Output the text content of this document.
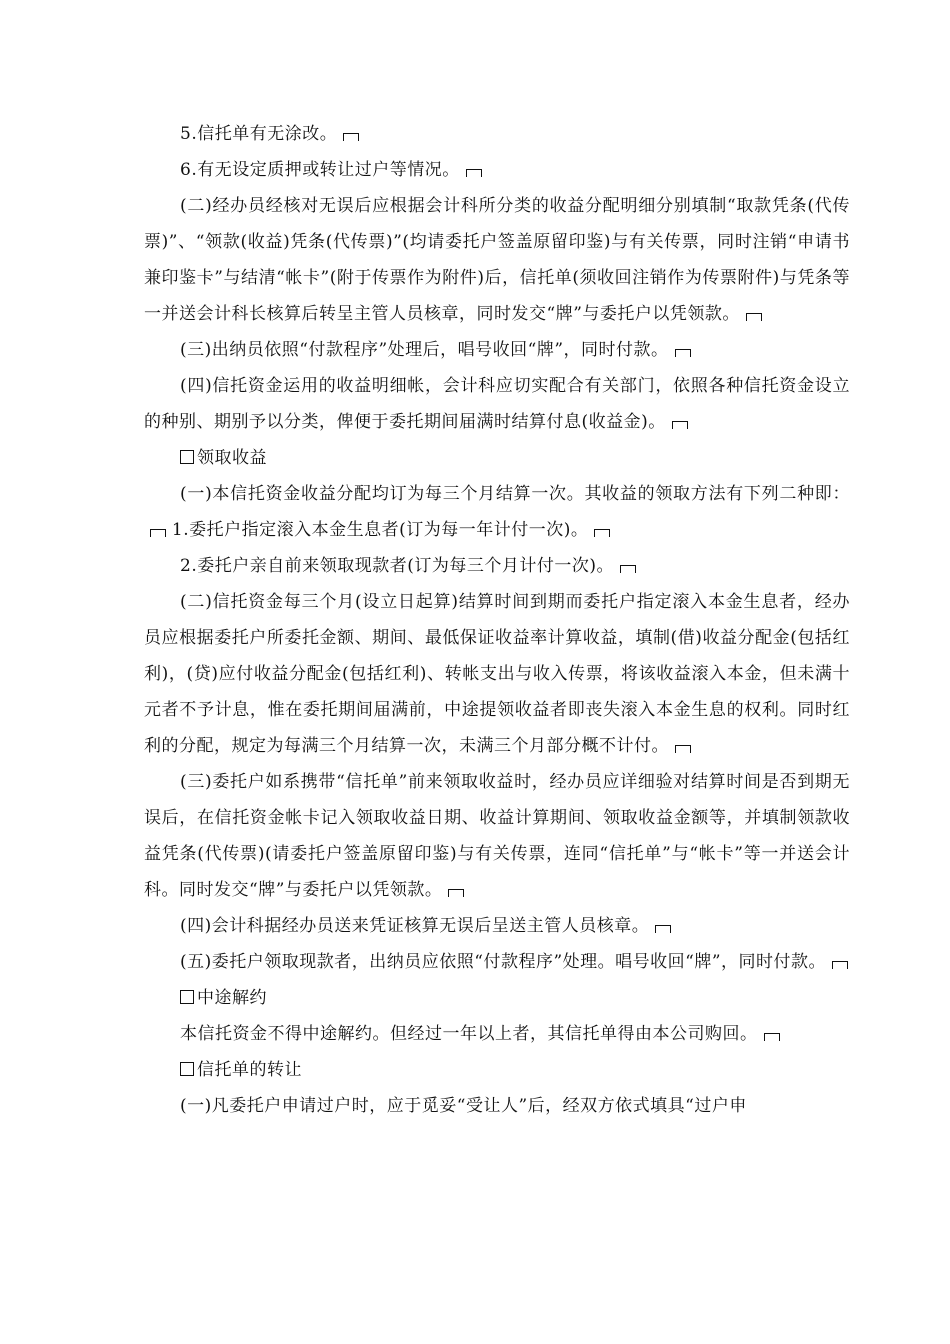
5.信托单有无涂改。

6.有无设定质押或转让过户等情况。

(二)经办员经核对无误后应根据会计科所分类的收益分配明细分别填制“取款凭条(代传票)”、“领款(收益)凭条(代传票)”(均请委托户签盖原留印鉴)与有关传票，同时注销“申请书兼印鉴卡”与结清“帐卡”(附于传票作为附件)后，信托单(须收回注销作为传票附件)与凭条等一并送会计科长核算后转呈主管人员核章，同时发交“牌”与委托户以凭领款。

(三)出纳员依照“付款程序”处理后，唱号收回“牌”，同时付款。

(四)信托资金运用的收益明细帐，会计科应切实配合有关部门，依照各种信托资金设立的种别、期别予以分类，俾便于委托期间届满时结算付息(收益金)。

领取收益

(一)本信托资金收益分配均订为每三个月结算一次。其收益的领取方法有下列二种即： 1.委托户指定滚入本金生息者(订为每一年计付一次)。

2.委托户亲自前来领取现款者(订为每三个月计付一次)。

(二)信托资金每三个月(设立日起算)结算时间到期而委托户指定滚入本金生息者，经办员应根据委托户所委托金额、期间、最低保证收益率计算收益，填制(借)收益分配金(包括红利)，(贷)应付收益分配金(包括红利)、转帐支出与收入传票，将该收益滚入本金，但未满十元者不予计息，惟在委托期间届满前，中途提领收益者即丧失滚入本金生息的权利。同时红利的分配，规定为每满三个月结算一次，未满三个月部分概不计付。

(三)委托户如系携带“信托单”前来领取收益时，经办员应详细验对结算时间是否到期无误后，在信托资金帐卡记入领取收益日期、收益计算期间、领取收益金额等，并填制领款收益凭条(代传票)(请委托户签盖原留印鉴)与有关传票，连同“信托单”与“帐卡”等一并送会计科。同时发交“牌”与委托户以凭领款。

(四)会计科据经办员送来凭证核算无误后呈送主管人员核章。

(五)委托户领取现款者，出纳员应依照“付款程序”处理。唱号收回“牌”，同时付款。

中途解约

本信托资金不得中途解约。但经过一年以上者，其信托单得由本公司购回。

信托单的转让

(一)凡委托户申请过户时，应于觅妥“受让人”后，经双方依式填具“过户申
